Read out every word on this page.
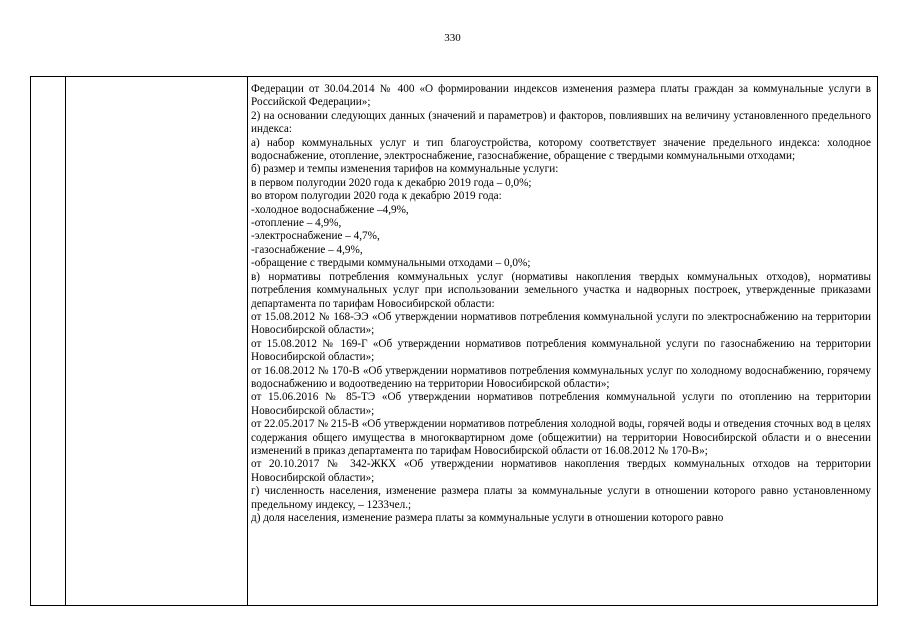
330

Федерации от 30.04.2014 № 400 «О формировании индексов изменения размера платы граждан за коммунальные услуги в Российской Федерации»;

2) на основании следующих данных (значений и параметров) и факторов, повлиявших на величину установленного предельного индекса:

а) набор коммунальных услуг и тип благоустройства, которому соответствует значение предельного индекса: холодное водоснабжение, отопление, электроснабжение, газоснабжение, обращение с твердыми коммунальными отходами;

б) размер и темпы изменения тарифов на коммунальные услуги:

в первом полугодии 2020 года к декабрю 2019 года – 0,0%;

во втором полугодии 2020 года к декабрю 2019 года:

-холодное водоснабжение –4,9%,

-отопление – 4,9%,

-электроснабжение – 4,7%,

-газоснабжение – 4,9%,

-обращение с твердыми коммунальными отходами – 0,0%;

в) нормативы потребления коммунальных услуг (нормативы накопления твердых коммунальных отходов), нормативы потребления коммунальных услуг при использовании земельного участка и надворных построек, утвержденные приказами департамента по тарифам Новосибирской области:

от 15.08.2012 № 168-ЭЭ «Об утверждении нормативов потребления коммунальной услуги по электроснабжению на территории Новосибирской области»;

от 15.08.2012 № 169-Г «Об утверждении нормативов потребления коммунальной услуги по газоснабжению на территории Новосибирской области»;

от 16.08.2012 № 170-В «Об утверждении нормативов потребления коммунальных услуг по холодному водоснабжению, горячему водоснабжению и водоотведению на территории Новосибирской области»;

от 15.06.2016 № 85-ТЭ «Об утверждении нормативов потребления коммунальной услуги по отоплению на территории Новосибирской области»;

от 22.05.2017 № 215-В «Об утверждении нормативов потребления холодной воды, горячей воды и отведения сточных вод в целях содержания общего имущества в многоквартирном доме (общежитии) на территории Новосибирской области и о внесении изменений в приказ департамента по тарифам Новосибирской области от 16.08.2012 № 170-В»;

от 20.10.2017 № 342-ЖКХ «Об утверждении нормативов накопления твердых коммунальных отходов на территории Новосибирской области»;

г) численность населения, изменение размера платы за коммунальные услуги в отношении которого равно установленному предельному индексу, – 1233чел.;

д) доля населения, изменение размера платы за коммунальные услуги в отношении которого равно
